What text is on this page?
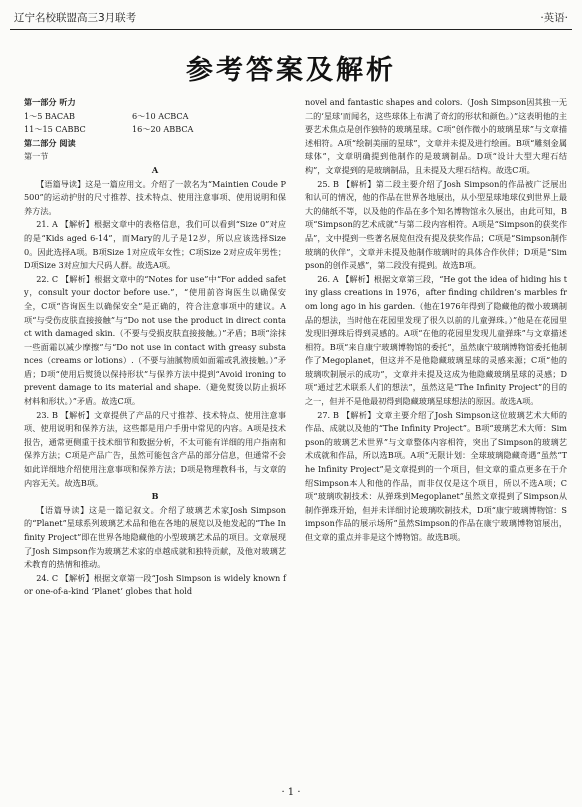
辽宁名校联盟高三3月联考	·英语·
参考答案及解析

第一部分 听力

1～5 BACAB	6～10 ACBCA
11～15 CABBC	16～20 ABBCA

第二部分 阅读

第一节

A

【语篇导读】这是一篇应用文。介绍了一款名为“Maintien Coude P500”的运动护肘的尺寸推荐、技术特点、使用注意事项、使用说明和保养方法。

21. A 【解析】根据文章中的表格信息，我们可以看到“Size 0”对应的是“Kids aged 6-14”，而Mary的儿子是12岁，所以应该选择Size 0。因此选择A项。B项Size 1对应成年女性；C项Size 2对应成年男性；D项Size 3对应加大尺码人群。故选A项。

22. C 【解析】根据文章中的“Notes for use”中“For added safety，consult your doctor before use.”，“使用前咨询医生以确保安全，C项“咨询医生以确保安全”是正确的，符合注意事项中的建议。A项“与受伤皮肤直接接触”与“Do not use the product in direct contact with damaged skin.（不要与受损皮肤直接接触。）”矛盾；B项“涂抹一些面霜以减少摩擦”与“Do not use in contact with greasy substances（creams or lotions）.（不要与油腻物质如面霜或乳液接触。）”矛盾；D项“使用后熨烫以保持形状”与保养方法中提到“Avoid ironing to prevent damage to its material and shape.（避免熨烫以防止损坏材料和形状。）”矛盾。故选C项。

23. B 【解析】文章提供了产品的尺寸推荐、技术特点、使用注意事项、使用说明和保养方法，这些都是用户手册中常见的内容。A项是技术报告，通常更侧重于技术细节和数据分析，不太可能有详细的用户指南和保养方法；C项是产品广告，虽然可能包含产品的部分信息，但通常不会如此详细地介绍使用注意事项和保养方法；D项是物理教科书，与文章的内容无关。故选B项。

B

【语篇导读】这是一篇记叙文。介绍了玻璃艺术家Josh Simpson的“Planet”星球系列玻璃艺术品和他在各地的展览以及他发起的“The Infinity Project”即在世界各地隐藏他的小型玻璃艺术品的项目。文章展现了Josh Simpson作为玻璃艺术家的卓越成就和独特贡献，及他对玻璃艺术教育的热情和推动。

24. C 【解析】根据文章第一段“Josh Simpson is widely known for one-of-a-kind ‘Planet’ globes that hold

novel and fantastic shapes and colors.（Josh Simpson因其独一无二的‘星球’而闻名，这些球体上布满了奇幻的形状和颜色。）”这表明他的主要艺术焦点是创作独特的玻璃星球。C项“创作微小的玻璃星球”与文章描述相符。A项“绘制美丽的星球”，文章并未提及进行绘画。B项“雕刻金属球体”，文章明确提到他制作的是玻璃制品。D项“设计大型大理石结构”，文章提到的是玻璃制品，且未提及大理石结构。故选C项。

25. B 【解析】第二段主要介绍了Josh Simpson的作品被广泛展出和认可的情况，他的作品在世界各地展出，从小型星球地球仪到世界上最大的储纸不等，以及他的作品在多个知名博物馆永久展出，由此可知，B项“Simpson的艺术成就”与第二段内容相符。A项是“Simpson的获奖作品”，文中提到一些著名展览但没有提及获奖作品；C项是“Simpson制作玻璃的伙伴”，文章并未提及他制作玻璃时的具体合作伙伴；D项是“Simpson的创作灵感”，第二段没有提到。故选B项。

26. A 【解析】根据文章第三段，“He got the idea of hiding his tiny glass creations in 1976，after finding children’s marbles from long ago in his garden.（他在1976年得到了隐藏他的微小玻璃制品的想法，当时他在花园里发现了很久以前的儿童弹珠。）”他是在花园里发现旧弹珠后得到灵感的。A项“在他的花园里发现儿童弹珠”与文章描述相符。B项“来自康宁玻璃博物馆的委托”，虽然康宁玻璃博物馆委托他制作了Megoplanet，但这并不是他隐藏玻璃星球的灵感来源；C项“他的玻璃吹制展示的成功”，文章并未提及这成为他隐藏玻璃星球的灵感；D项“通过艺术联系人们的想法”，虽然这是“The Infinity Project”的目的之一，但并不是他最初得到隐藏玻璃星球想法的原因。故选A项。

27. B 【解析】文章主要介绍了Josh Simpson这位玻璃艺术大师的作品、成就以及他的“The Infinity Project”。B项“玻璃艺术大师：Simpson的玻璃艺术世界”与文章整体内容相符，突出了Simpson的玻璃艺术成就和作品，所以选B项。A项“无限计划：全球玻璃隐藏奇遇”虽然“The Infinity Project”是文章提到的一个项目，但文章的重点更多在于介绍Simpson本人和他的作品，而非仅仅是这个项目，所以不选A项；C项“玻璃吹制技术：从弹珠到Megoplanet”虽然文章提到了Simpson从制作弹珠开始，但并未详细讨论玻璃吹制技术，D项“康宁玻璃博物馆：Simpson作品的展示场所”虽然Simpson的作品在康宁玻璃博物馆展出，但文章的重点并非是这个博物馆。故选B项。

· 1 ·
